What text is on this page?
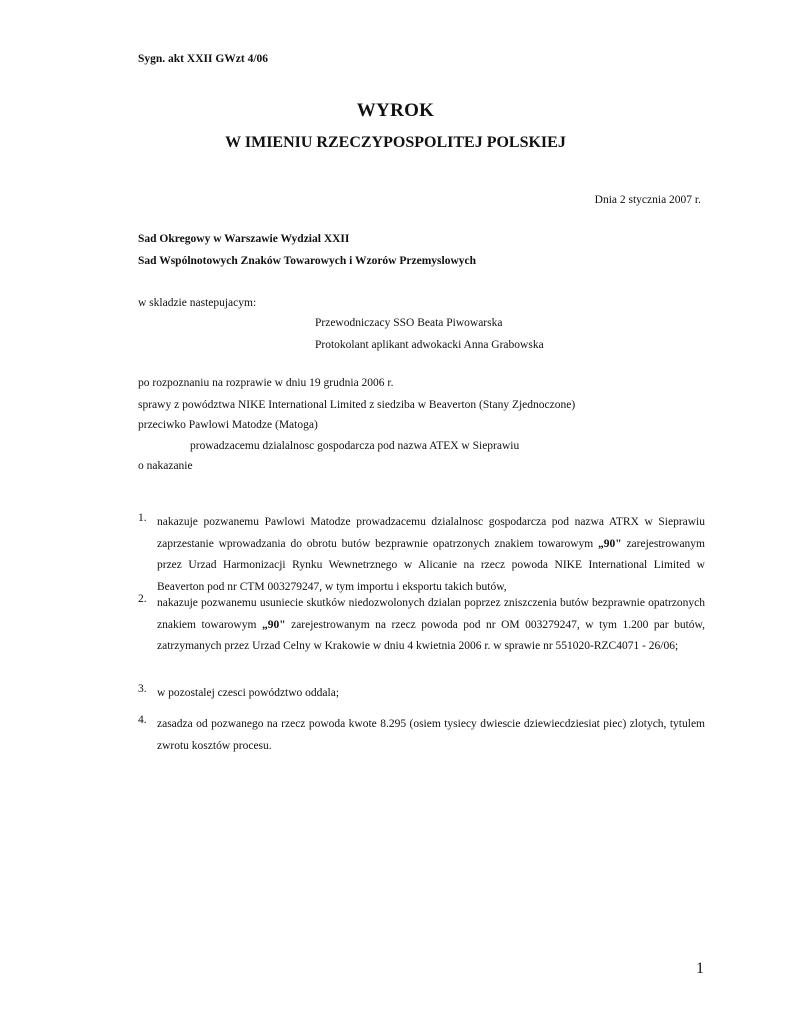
Sygn. akt XXII GWzt 4/06
WYROK
W IMIENIU RZECZYPOSPOLITEJ POLSKIEJ
Dnia 2 stycznia 2007 r.
Sad Okregowy w Warszawie Wydzial XXII
Sad Wspólnotowych Znaków Towarowych i Wzorów Przemyslowych
w skladzie nastepujacym:
Przewodniczacy SSO Beata Piwowarska
Protokolant aplikant adwokacki Anna Grabowska
po rozpoznaniu na rozprawie w dniu 19 grudnia 2006 r.
sprawy z powództwa NIKE International Limited z siedziba w Beaverton (Stany Zjednoczone)
przeciwko Pawlowi Matodze (Matoga)
prowadzacemu dzialalnosc gospodarcza pod nazwa ATEX w Sieprawiu
o nakazanie
1. nakazuje pozwanemu Pawlowi Matodze prowadzacemu dzialalnosc gospodarcza pod nazwa ATRX w Sieprawiu zaprzestanie wprowadzania do obrotu butów bezprawnie opatrzonych znakiem towarowym „90" zarejestrowanym przez Urzad Harmonizacji Rynku Wewnetrznego w Alicanie na rzecz powoda NIKE International Limited w Beaverton pod nr CTM 003279247, w tym importu i eksportu takich butów,
2. nakazuje pozwanemu usuniecie skutków niedozwolonych dzialan poprzez zniszczenia butów bezprawnie opatrzonych znakiem towarowym „90" zarejestrowanym na rzecz powoda pod nr OM 003279247, w tym 1.200 par butów, zatrzymanych przez Urzad Celny w Krakowie w dniu 4 kwietnia 2006 r. w sprawie nr 551020-RZC4071 - 26/06;
3. w pozostalej czesci powództwo oddala;
4. zasadza od pozwanego na rzecz powoda kwote 8.295 (osiem tysiecy dwiescie dziewiecdziesiat piec) zlotych, tytulem zwrotu kosztów procesu.
1
